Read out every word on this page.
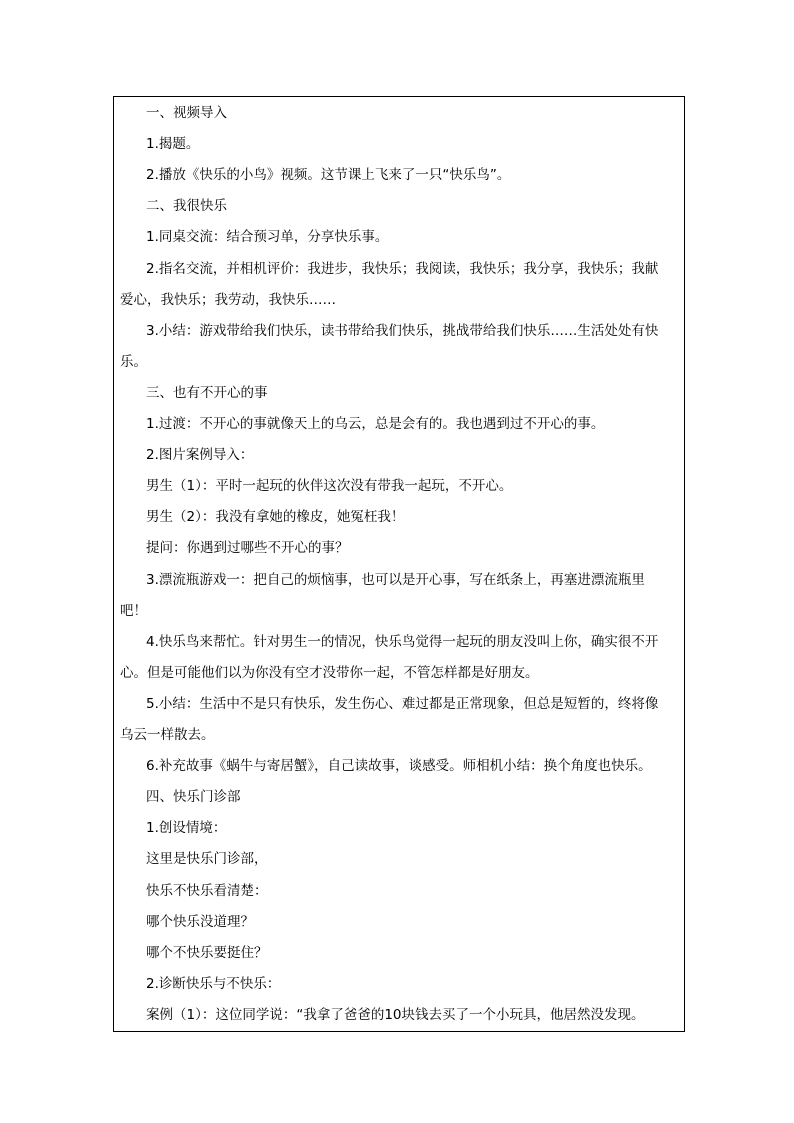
一、视频导入
1.揭题。
2.播放《快乐的小鸟》视频。这节课上飞来了一只“快乐鸟”。
二、我很快乐
1.同桌交流：结合预习单，分享快乐事。
2.指名交流，并相机评价：我进步，我快乐；我阅读，我快乐；我分享，我快乐；我献
爱心，我快乐；我劳动，我快乐……
3.小结：游戏带给我们快乐，读书带给我们快乐，挑战带给我们快乐……生活处处有快
乐。
三、也有不开心的事
1.过渡：不开心的事就像天上的乌云，总是会有的。我也遇到过不开心的事。
2.图片案例导入：
男生（1）：平时一起玩的伙伴这次没有带我一起玩，不开心。
男生（2）：我没有拿她的橡皮，她冤枉我！
提问：你遇到过哪些不开心的事？
3.漂流瓶游戏一：把自己的烦恼事，也可以是开心事，写在纸条上，再塞进漂流瓶里
吧！
4.快乐鸟来帮忙。针对男生一的情况，快乐鸟觉得一起玩的朋友没叫上你，确实很不开
心。但是可能他们以为你没有空才没带你一起，不管怎样都是好朋友。
5.小结：生活中不是只有快乐，发生伤心、难过都是正常现象，但总是短暂的，终将像
乌云一样散去。
6.补充故事《蜗牛与寄居蟹》，自己读故事，谈感受。师相机小结：换个角度也快乐。
四、快乐门诊部
1.创设情境：
这里是快乐门诊部，
快乐不快乐看清楚：
哪个快乐没道理？
哪个不快乐要挺住？
2.诊断快乐与不快乐：
案例（1）：这位同学说：“我拿了爸爸的10块钱去买了一个小玩具，他居然没发现。
